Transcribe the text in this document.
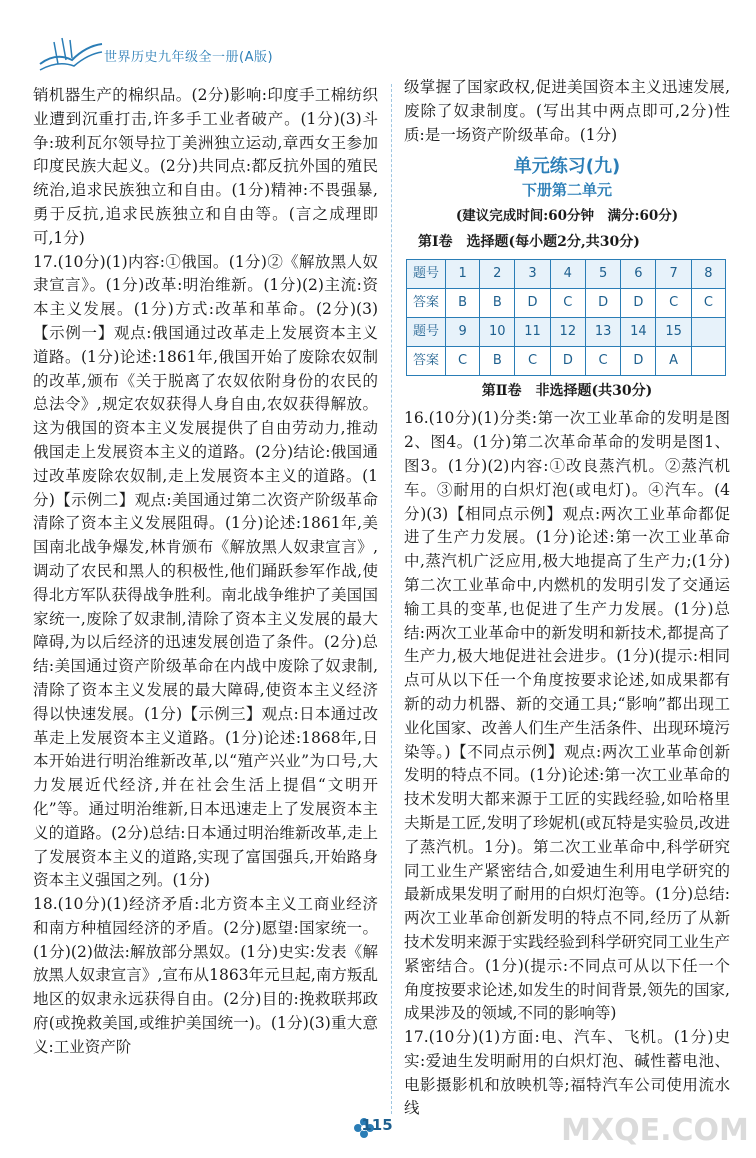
世界历史九年级全一册(A版)

销机器生产的棉织品。(2分)影响:印度手工棉纺织业遭到沉重打击,许多手工业者破产。(1分)(3)斗争:玻利瓦尔领导拉丁美洲独立运动,章西女王参加印度民族大起义。(2分)共同点:都反抗外国的殖民统治,追求民族独立和自由。(1分)精神:不畏强暴,勇于反抗,追求民族独立和自由等。(言之成理即可,1分)

17.(10分)(1)内容:①俄国。(1分)②《解放黑人奴隶宣言》。(1分)改革:明治维新。(1分)(2)主流:资本主义发展。(1分)方式:改革和革命。(2分)(3)【示例一】观点:俄国通过改革走上发展资本主义道路。(1分)论述:1861年,俄国开始了废除农奴制的改革,颁布《关于脱离了农奴依附身份的农民的总法令》,规定农奴获得人身自由,农奴获得解放。这为俄国的资本主义发展提供了自由劳动力,推动俄国走上发展资本主义的道路。(2分)结论:俄国通过改革废除农奴制,走上发展资本主义的道路。(1分)【示例二】观点:美国通过第二次资产阶级革命清除了资本主义发展阻碍。(1分)论述:1861年,美国南北战争爆发,林肯颁布《解放黑人奴隶宣言》,调动了农民和黑人的积极性,他们踊跃参军作战,使得北方军队获得战争胜利。南北战争维护了美国国家统一,废除了奴隶制,清除了资本主义发展的最大障碍,为以后经济的迅速发展创造了条件。(2分)总结:美国通过资产阶级革命在内战中废除了奴隶制,清除了资本主义发展的最大障碍,使资本主义经济得以快速发展。(1分)【示例三】观点:日本通过改革走上发展资本主义道路。(1分)论述:1868年,日本开始进行明治维新改革,以“殖产兴业”为口号,大力发展近代经济,并在社会生活上提倡“文明开化”等。通过明治维新,日本迅速走上了发展资本主义的道路。(2分)总结:日本通过明治维新改革,走上了发展资本主义的道路,实现了富国强兵,开始路身资本主义强国之列。(1分)

18.(10分)(1)经济矛盾:北方资本主义工商业经济和南方种植园经济的矛盾。(2分)愿望:国家统一。(1分)(2)做法:解放部分黑奴。(1分)史实:发表《解放黑人奴隶宣言》,宣布从1863年元旦起,南方叛乱地区的奴隶永远获得自由。(2分)目的:挽救联邦政府(或挽救美国,或维护美国统一)。(1分)(3)重大意义:工业资产阶

级掌握了国家政权,促进美国资本主义迅速发展,废除了奴隶制度。(写出其中两点即可,2分)性质:是一场资产阶级革命。(1分)

单元练习(九)
下册第二单元
(建议完成时间:60分钟　满分:60分)
第Ⅰ卷　选择题(每小题2分,共30分)
题号	1	2	3	4	5	6	7	8
答案	B	B	D	C	D	D	C	C
题号	9	10	11	12	13	14	15	
答案	C	B	C	D	C	D	A	
第Ⅱ卷　非选择题(共30分)

16.(10分)(1)分类:第一次工业革命的发明是图2、图4。(1分)第二次革命革命的发明是图1、图3。(1分)(2)内容:①改良蒸汽机。②蒸汽机车。③耐用的白炽灯泡(或电灯)。④汽车。(4分)(3)【相同点示例】观点:两次工业革命都促进了生产力发展。(1分)论述:第一次工业革命中,蒸汽机广泛应用,极大地提高了生产力;(1分)第二次工业革命中,内燃机的发明引发了交通运输工具的变革,也促进了生产力发展。(1分)总结:两次工业革命中的新发明和新技术,都提高了生产力,极大地促进社会进步。(1分)(提示:相同点可从以下任一个角度按要求论述,如成果都有新的动力机器、新的交通工具;“影响”都出现工业化国家、改善人们生产生活条件、出现环境污染等。)【不同点示例】观点:两次工业革命创新发明的特点不同。(1分)论述:第一次工业革命的技术发明大都来源于工匠的实践经验,如哈格里夫斯是工匠,发明了珍妮机(或瓦特是实验员,改进了蒸汽机。1分)。第二次工业革命中,科学研究同工业生产紧密结合,如爱迪生利用电学研究的最新成果发明了耐用的白炽灯泡等。(1分)总结:两次工业革命创新发明的特点不同,经历了从新技术发明来源于实践经验到科学研究同工业生产紧密结合。(1分)(提示:不同点可从以下任一个角度按要求论述,如发生的时间背景,领先的国家,成果涉及的领域,不同的影响等)

17.(10分)(1)方面:电、汽车、飞机。(1分)史实:爱迪生发明耐用的白炽灯泡、碱性蓄电池、电影摄影机和放映机等;福特汽车公司使用流水线

115	MXQE.COM
